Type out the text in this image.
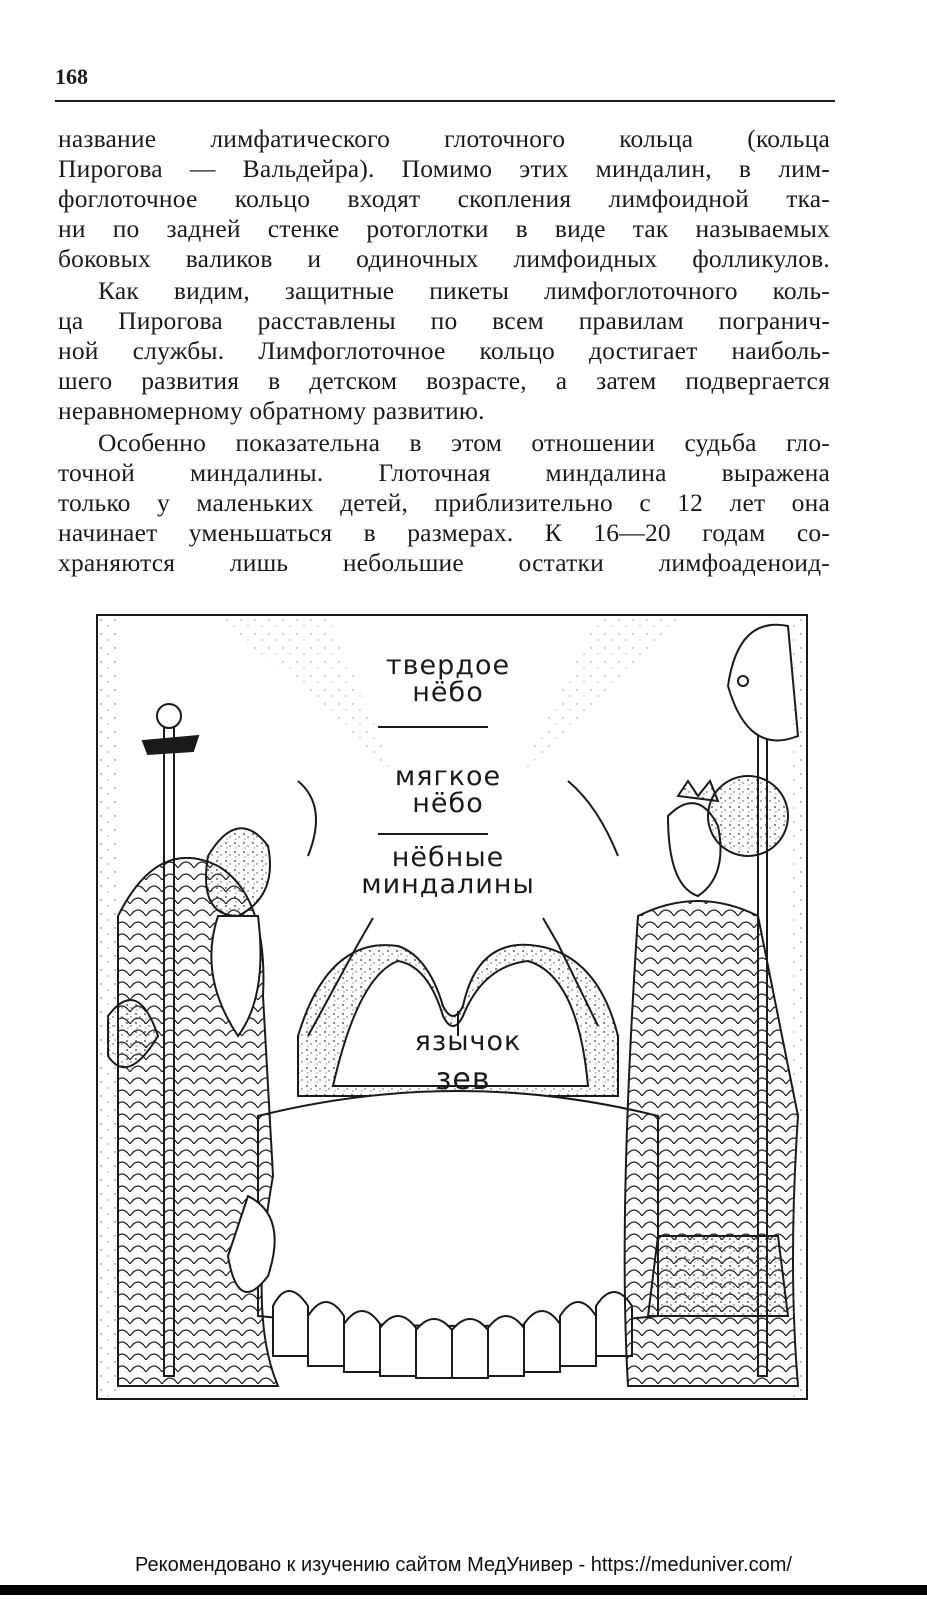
168
название лимфатического глоточного кольца (кольца
Пирогова — Вальдейра). Помимо этих миндалин, в лим-
фоглоточное кольцо входят скопления лимфоидной тка-
ни по задней стенке ротоглотки в виде так называемых
боковых валиков и одиночных лимфоидных фолликулов.
Как видим, защитные пикеты лимфоглоточного коль-
ца Пирогова расставлены по всем правилам погранич-
ной службы. Лимфоглоточное кольцо достигает наиболь-
шего развития в детском возрасте, а затем подвергается
неравномерному обратному развитию.
Особенно показательна в этом отношении судьба гло-
точной миндалины. Глоточная миндалина выражена
только у маленьких детей, приблизительно с 12 лет она
начинает уменьшаться в размерах. К 16—20 годам со-
храняются лишь небольшие остатки лимфоаденоид-
твердое
нёбо
мягкое
нёбо
нёбные
миндалины
язычок
зев
Рекомендовано к изучению сайтом МедУнивер - https://meduniver.com/
